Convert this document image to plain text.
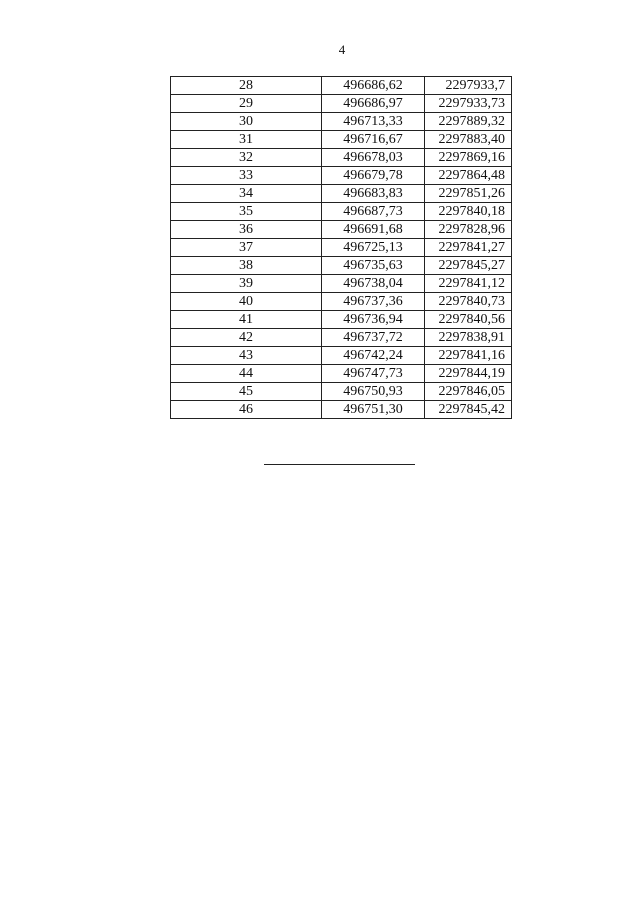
4
28	496686,62	2297933,7
29	496686,97	2297933,73
30	496713,33	2297889,32
31	496716,67	2297883,40
32	496678,03	2297869,16
33	496679,78	2297864,48
34	496683,83	2297851,26
35	496687,73	2297840,18
36	496691,68	2297828,96
37	496725,13	2297841,27
38	496735,63	2297845,27
39	496738,04	2297841,12
40	496737,36	2297840,73
41	496736,94	2297840,56
42	496737,72	2297838,91
43	496742,24	2297841,16
44	496747,73	2297844,19
45	496750,93	2297846,05
46	496751,30	2297845,42
